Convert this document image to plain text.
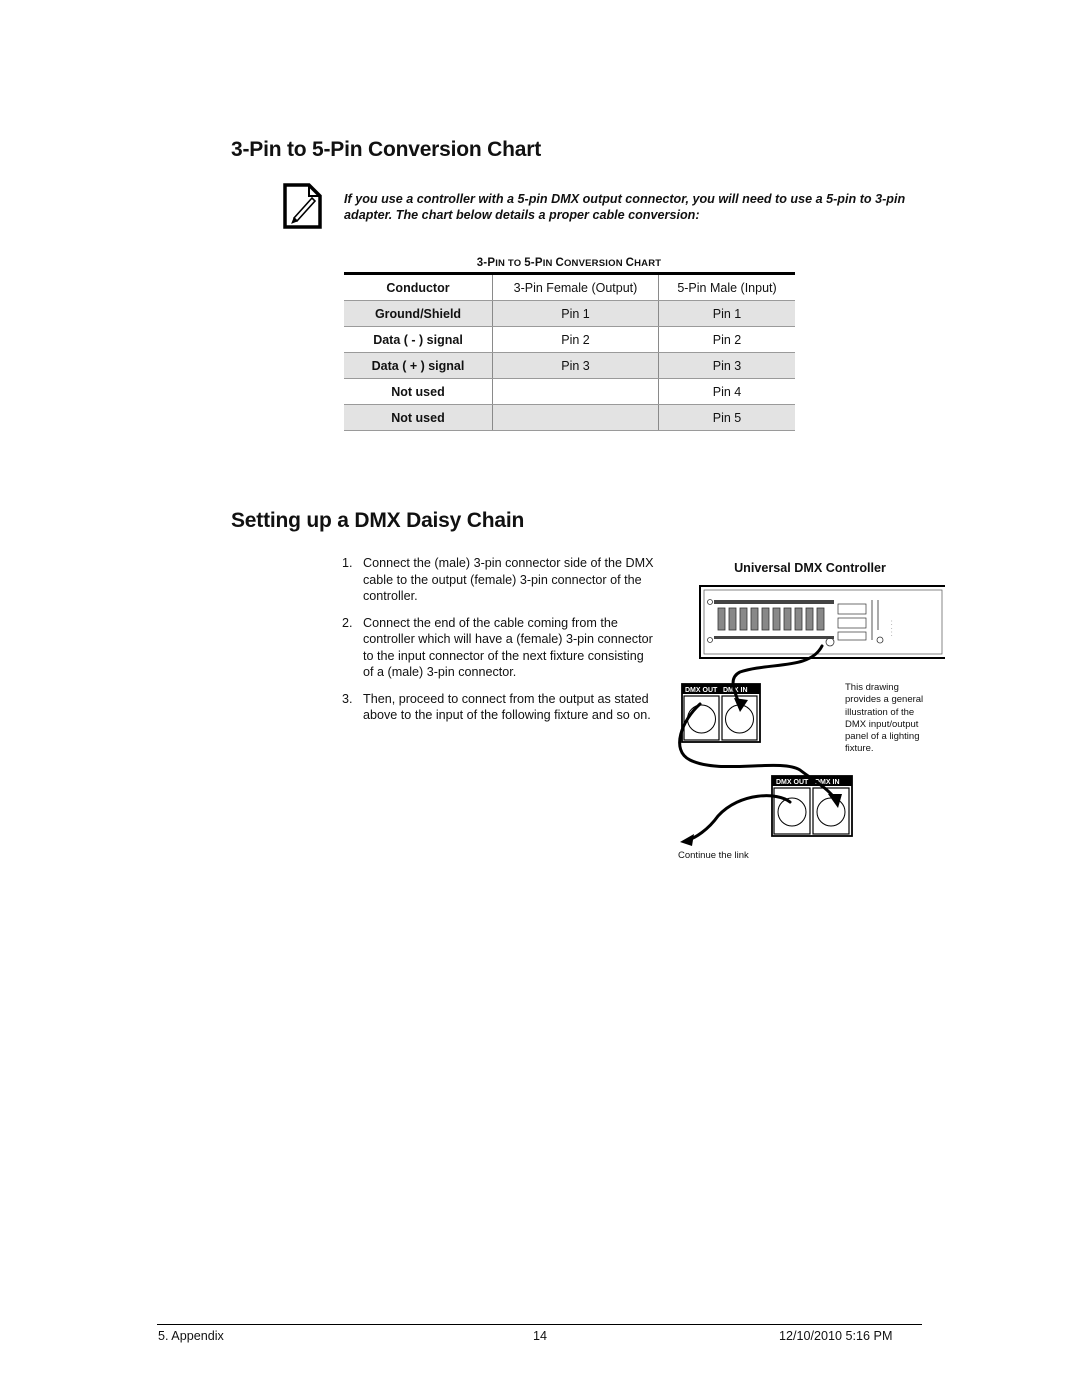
3-Pin to 5-Pin Conversion Chart
If you use a controller with a 5-pin DMX output connector, you will need to use a 5-pin to 3-pin adapter. The chart below details a proper cable conversion:
3-PIN TO 5-PIN CONVERSION CHART
Conductor	3-Pin Female (Output)	5-Pin Male (Input)
Ground/Shield	Pin 1	Pin 1
Data ( - ) signal	Pin 2	Pin 2
Data ( + ) signal	Pin 3	Pin 3
Not used		Pin 4
Not used		Pin 5
Setting up a DMX Daisy Chain
1. Connect the (male) 3-pin connector side of the DMX cable to the output (female) 3-pin connector of the controller.
2. Connect the end of the cable coming from the controller which will have a (female) 3-pin connector to the input connector of the next fixture consisting of a (male) 3-pin connector.
3. Then, proceed to connect from the output as stated above to the input of the following fixture and so on.
Universal DMX Controller
· · · · ·
DMX OUT DMX IN
DMX OUT DMX IN
This drawing provides a general illustration of the DMX input/output panel of a lighting fixture.
Continue the link
5. Appendix	14	12/10/2010 5:16 PM
